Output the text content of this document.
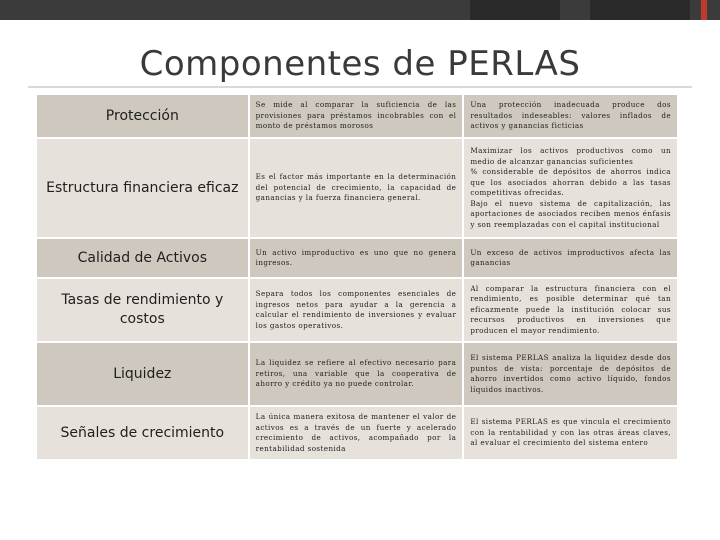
Componentes de PERLAS
Protección	Se mide al comparar la suficiencia de las provisiones para préstamos incobrables con el monto de préstamos morosos	Una protección inadecuada produce dos resultados indeseables: valores inflados de activos y ganancias ficticias

Estructura financiera eficaz	Es el factor más importante en la determinación del potencial de crecimiento, la capacidad de ganancias y la fuerza financiera general.	Maximizar los activos productivos como un medio de alcanzar ganancias suficientes
% considerable de depósitos de ahorros indica que los asociados ahorran debido a las tasas competitivas ofrecidas.
Bajo el nuevo sistema de capitalización, las aportaciones de asociados reciben menos énfasis y son reemplazadas con el capital institucional

Calidad de Activos	Un activo improductivo es uno que no genera ingresos.	Un exceso de activos improductivos afecta las ganancias

Tasas de rendimiento y costos	Separa todos los componentes esenciales de ingresos netos para ayudar a la gerencia a calcular el rendimiento de inversiones y evaluar los gastos operativos.	Al comparar la estructura financiera con el rendimiento, es posible determinar qué tan eficazmente puede la institución colocar sus recursos productivos en inversiones que producen el mayor rendimiento.

Liquidez	La liquidez se refiere al efectivo necesario para retiros, una variable que la cooperativa de ahorro y crédito ya no puede controlar.	El sistema PERLAS analiza la liquidez desde dos puntos de vista: porcentaje de depósitos de ahorro invertidos como activo líquido, fondos líquidos inactivos.

Señales de crecimiento	La única manera exitosa de mantener el valor de activos es a través de un fuerte y acelerado crecimiento de activos, acompañado por la rentabilidad sostenida	El sistema PERLAS es que vincula el crecimiento con la rentabilidad y con las otras áreas claves, al evaluar el crecimiento del sistema entero
